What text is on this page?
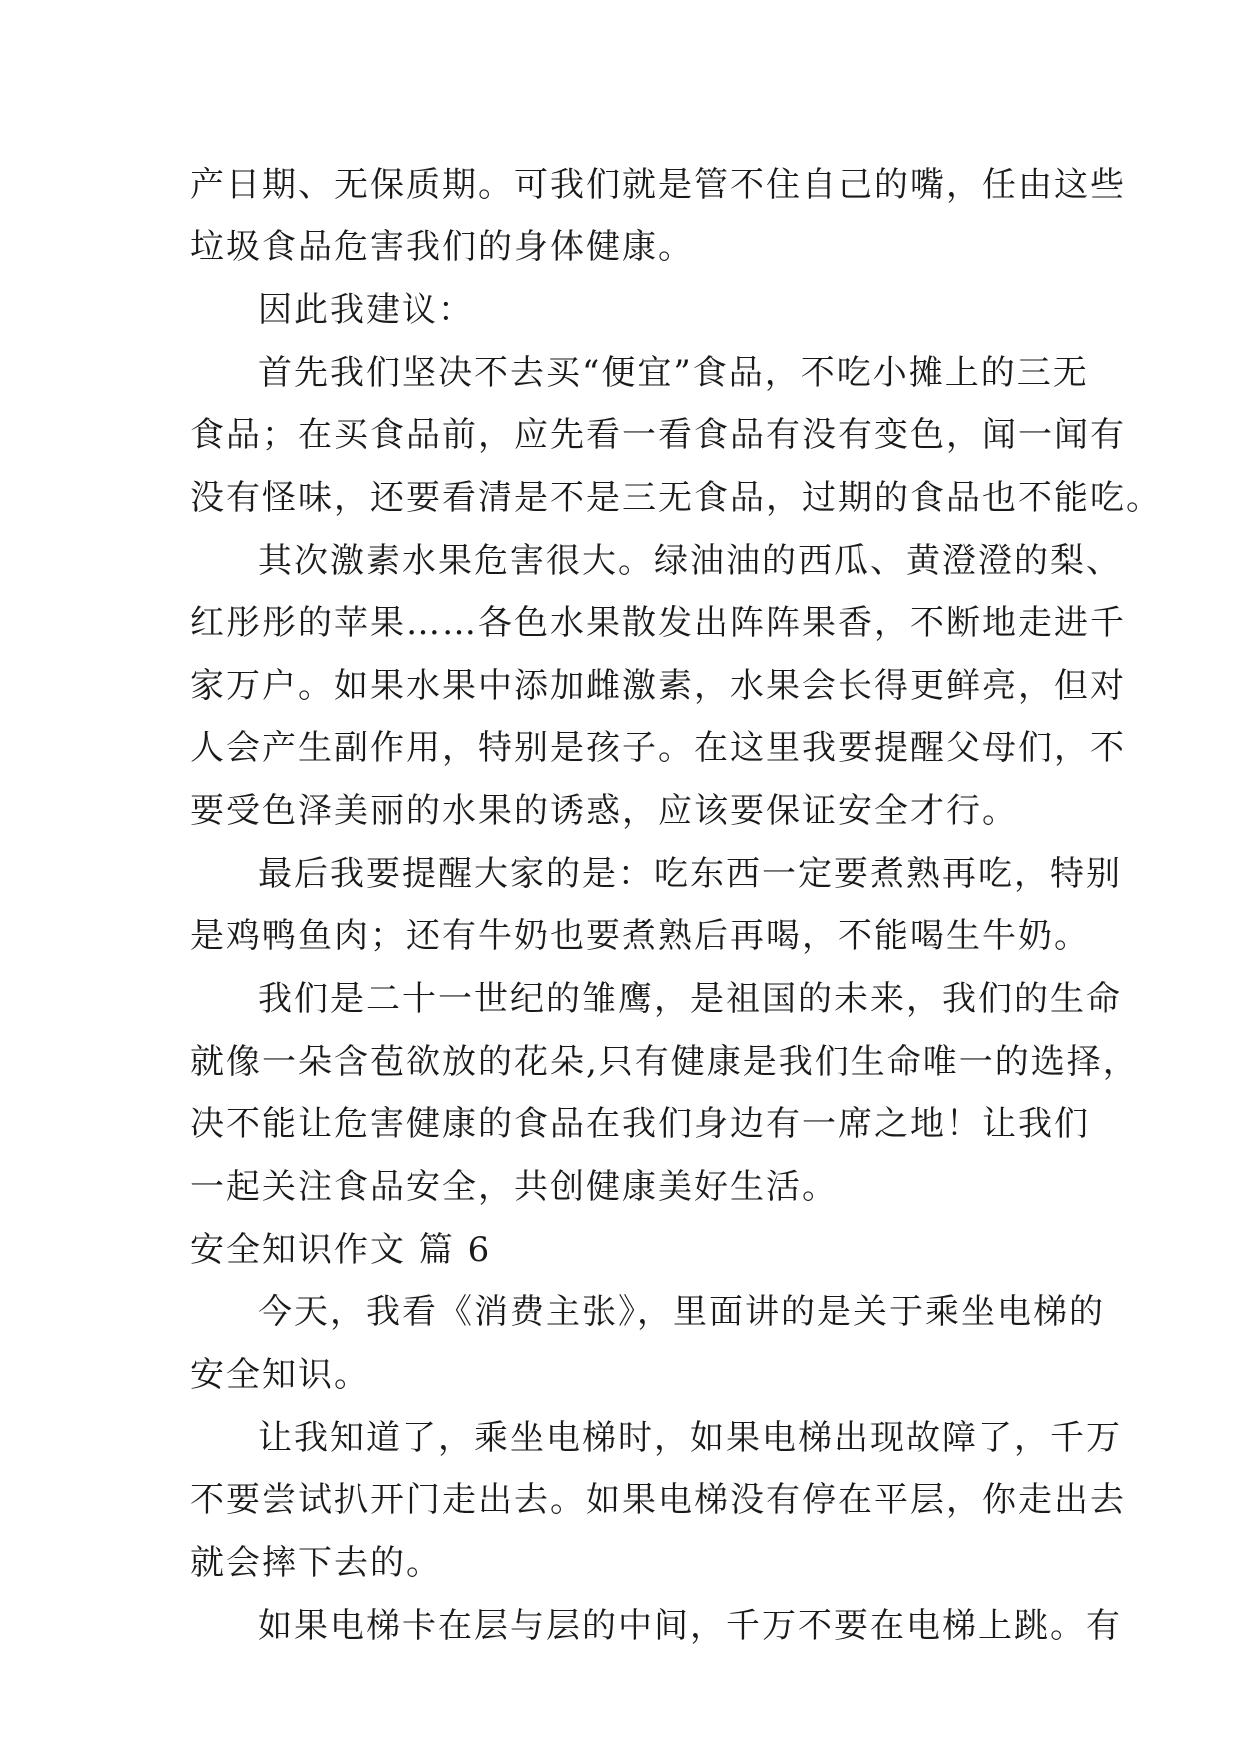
产日期、无保质期。可我们就是管不住自己的嘴，任由这些
垃圾食品危害我们的身体健康。
因此我建议：
首先我们坚决不去买“便宜”食品，不吃小摊上的三无
食品；在买食品前，应先看一看食品有没有变色，闻一闻有
没有怪味，还要看清是不是三无食品，过期的食品也不能吃。
其次激素水果危害很大。绿油油的西瓜、黄澄澄的梨、
红彤彤的苹果……各色水果散发出阵阵果香，不断地走进千
家万户。如果水果中添加雌激素，水果会长得更鲜亮，但对
人会产生副作用，特别是孩子。在这里我要提醒父母们，不
要受色泽美丽的水果的诱惑，应该要保证安全才行。
最后我要提醒大家的是：吃东西一定要煮熟再吃，特别
是鸡鸭鱼肉；还有牛奶也要煮熟后再喝，不能喝生牛奶。
我们是二十一世纪的雏鹰，是祖国的未来，我们的生命
就像一朵含苞欲放的花朵,只有健康是我们生命唯一的选择，
决不能让危害健康的食品在我们身边有一席之地！让我们
一起关注食品安全，共创健康美好生活。
安全知识作文 篇 6
今天，我看《消费主张》，里面讲的是关于乘坐电梯的
安全知识。
让我知道了，乘坐电梯时，如果电梯出现故障了，千万
不要尝试扒开门走出去。如果电梯没有停在平层，你走出去
就会摔下去的。
如果电梯卡在层与层的中间，千万不要在电梯上跳。有
